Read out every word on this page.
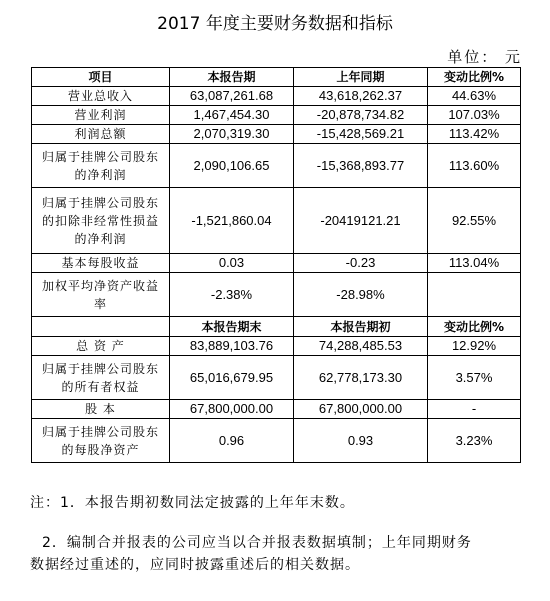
2017 年度主要财务数据和指标
单位： 元
项目	本报告期	上年同期	变动比例%
营业总收入	63,087,261.68	43,618,262.37	44.63%
营业利润	1,467,454.30	-20,878,734.82	107.03%
利润总额	2,070,319.30	-15,428,569.21	113.42%
归属于挂牌公司股东的净利润	2,090,106.65	-15,368,893.77	113.60%
归属于挂牌公司股东的扣除非经常性损益的净利润	-1,521,860.04	-20419121.21	92.55%
基本每股收益	0.03	-0.23	113.04%
加权平均净资产收益率	-2.38%	-28.98%	
	本报告期末	本报告期初	变动比例%
总 资 产	83,889,103.76	74,288,485.53	12.92%
归属于挂牌公司股东的所有者权益	65,016,679.95	62,778,173.30	3.57%
股 本	67,800,000.00	67,800,000.00	-
归属于挂牌公司股东的每股净资产	0.96	0.93	3.23%
注：1．本报告期初数同法定披露的上年年末数。
2．编制合并报表的公司应当以合并报表数据填制；上年同期财务
数据经过重述的，应同时披露重述后的相关数据。
